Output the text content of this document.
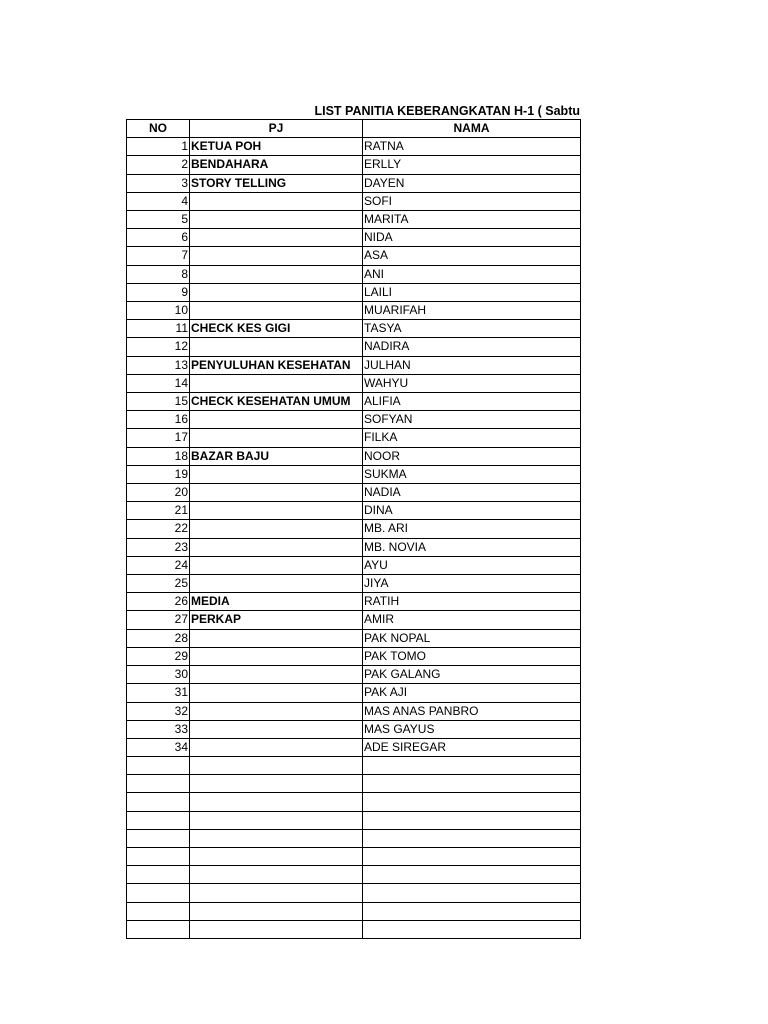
LIST PANITIA KEBERANGKATAN H-1 ( Sabtu
NO	PJ	NAMA
1	KETUA POH	RATNA
2	BENDAHARA	ERLLY
3	STORY TELLING	DAYEN
4		SOFI
5		MARITA
6		NIDA
7		ASA
8		ANI
9		LAILI
10		MUARIFAH
11	CHECK KES GIGI	TASYA
12		NADIRA
13	PENYULUHAN KESEHATAN	JULHAN
14		WAHYU
15	CHECK KESEHATAN UMUM	ALIFIA
16		SOFYAN
17		FILKA
18	BAZAR BAJU	NOOR
19		SUKMA
20		NADIA
21		DINA
22		MB. ARI
23		MB. NOVIA
24		AYU
25		JIYA
26	MEDIA	RATIH
27	PERKAP	AMIR
28		PAK NOPAL
29		PAK TOMO
30		PAK GALANG
31		PAK AJI
32		MAS ANAS PANBRO
33		MAS GAYUS
34		ADE SIREGAR
